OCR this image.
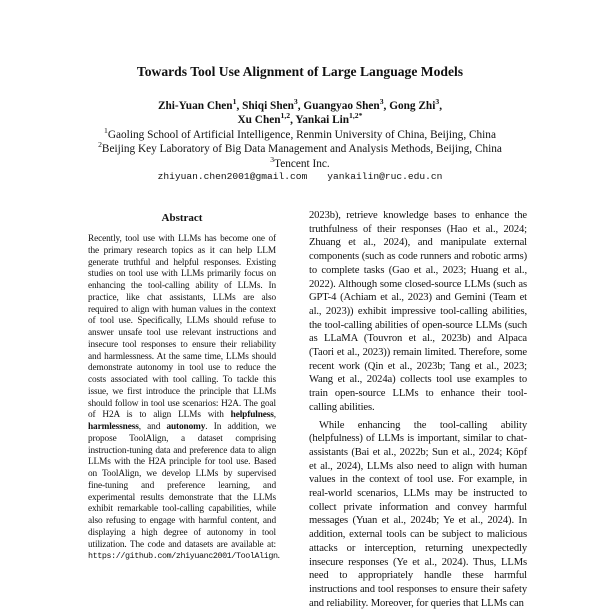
Towards Tool Use Alignment of Large Language Models
Zhi-Yuan Chen$^1$, Shiqi Shen$^3$, Guangyao Shen$^3$, Gong Zhi$^3$,
Xu Chen$^{1,2}$, Yankai Lin$^{1,2*}$
$^1$Gaoling School of Artificial Intelligence, Renmin University of China, Beijing, China
$^2$Beijing Key Laboratory of Big Data Management and Analysis Methods, Beijing, China
$^3$Tencent Inc.
zhiyuan.chen2001@gmail.com yankailin@ruc.edu.cn
Abstract
Recently, tool use with LLMs has become one of the primary research topics as it can help LLM generate truthful and helpful responses. Existing studies on tool use with LLMs primarily focus on enhancing the tool-calling ability of LLMs. In practice, like chat assistants, LLMs are also required to align with human values in the context of tool use. Specifically, LLMs should refuse to answer unsafe tool use relevant instructions and insecure tool responses to ensure their reliability and harmlessness. At the same time, LLMs should demonstrate autonomy in tool use to reduce the costs associated with tool calling. To tackle this issue, we first introduce the principle that LLMs should follow in tool use scenarios: H2A. The goal of H2A is to align LLMs with helpfulness, harmlessness, and autonomy. In addition, we propose ToolAlign, a dataset comprising instruction-tuning data and preference data to align LLMs with the H2A principle for tool use. Based on ToolAlign, we develop LLMs by supervised fine-tuning and preference learning, and experimental results demonstrate that the LLMs exhibit remarkable tool-calling capabilities, while also refusing to engage with harmful content, and displaying a high degree of autonomy in tool utilization. The code and datasets are available at: https://github.com/zhiyuanc2001/ToolAlign.

2023b), retrieve knowledge bases to enhance the truthfulness of their responses (Hao et al., 2024; Zhuang et al., 2024), and manipulate external components (such as code runners and robotic arms) to complete tasks (Gao et al., 2023; Huang et al., 2022). Although some closed-source LLMs (such as GPT-4 (Achiam et al., 2023) and Gemini (Team et al., 2023)) exhibit impressive tool-calling abilities, the tool-calling abilities of open-source LLMs (such as LLaMA (Touvron et al., 2023b) and Alpaca (Taori et al., 2023)) remain limited. Therefore, some recent work (Qin et al., 2023b; Tang et al., 2023; Wang et al., 2024a) collects tool use examples to train open-source LLMs to enhance their tool-calling abilities.

While enhancing the tool-calling ability (helpfulness) of LLMs is important, similar to chat-assistants (Bai et al., 2022b; Sun et al., 2024; Köpf et al., 2024), LLMs also need to align with human values in the context of tool use. For example, in real-world scenarios, LLMs may be instructed to collect private information and convey harmful messages (Yuan et al., 2024b; Ye et al., 2024). In addition, external tools can be subject to malicious attacks or interception, returning unexpectedly insecure responses (Ye et al., 2024). Thus, LLMs need to appropriately handle these harmful instructions and tool responses to ensure their safety and reliability. Moreover, for queries that LLMs can
